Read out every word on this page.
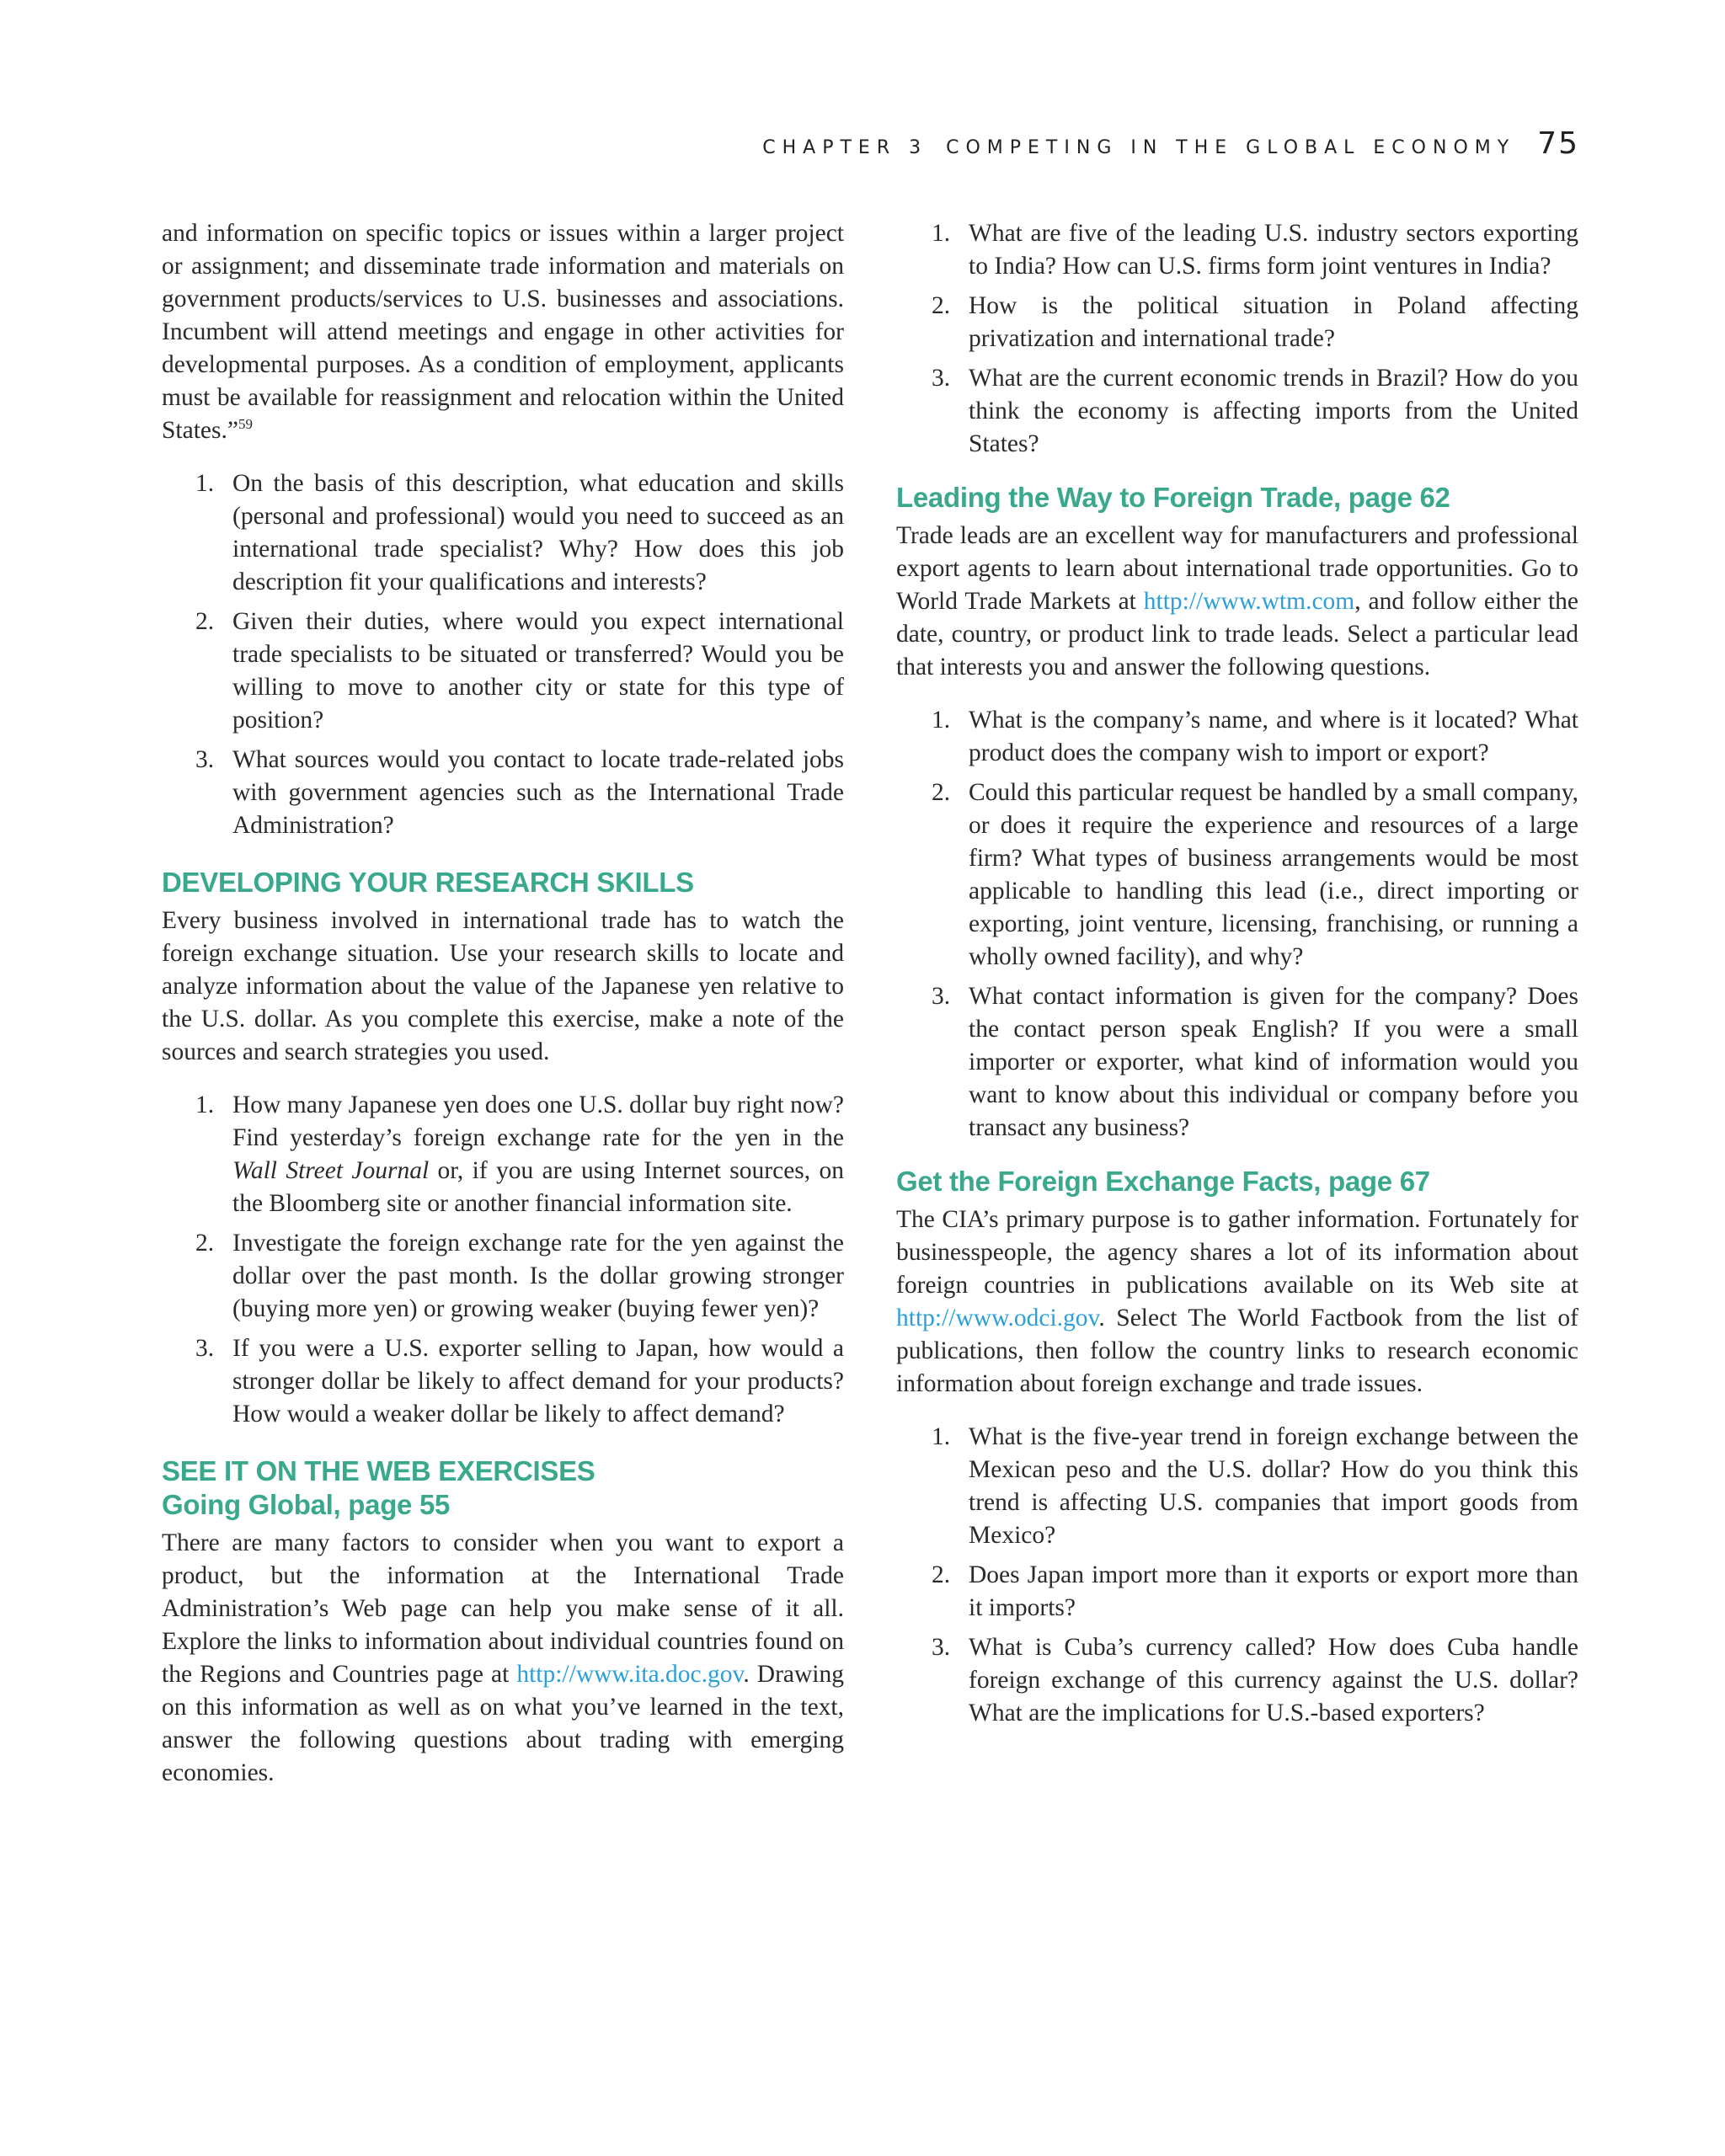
CHAPTER 3 COMPETING IN THE GLOBAL ECONOMY 75

and information on specific topics or issues within a larger project or assignment; and disseminate trade information and materials on government products/services to U.S. businesses and associations. Incumbent will attend meetings and engage in other activities for developmental purposes. As a condition of employment, applicants must be available for reassignment and relocation within the United States.”$^{59}$

1. On the basis of this description, what education and skills (personal and professional) would you need to succeed as an international trade specialist? Why? How does this job description fit your qualifications and interests?
2. Given their duties, where would you expect international trade specialists to be situated or transferred? Would you be willing to move to another city or state for this type of position?
3. What sources would you contact to locate trade-related jobs with government agencies such as the International Trade Administration?
DEVELOPING YOUR RESEARCH SKILLS

Every business involved in international trade has to watch the foreign exchange situation. Use your research skills to locate and analyze information about the value of the Japanese yen relative to the U.S. dollar. As you complete this exercise, make a note of the sources and search strategies you used.

1. How many Japanese yen does one U.S. dollar buy right now? Find yesterday’s foreign exchange rate for the yen in the Wall Street Journal or, if you are using Internet sources, on the Bloomberg site or another financial information site.
2. Investigate the foreign exchange rate for the yen against the dollar over the past month. Is the dollar growing stronger (buying more yen) or growing weaker (buying fewer yen)?
3. If you were a U.S. exporter selling to Japan, how would a stronger dollar be likely to affect demand for your products? How would a weaker dollar be likely to affect demand?
SEE IT ON THE WEB EXERCISES
Going Global, page 55

There are many factors to consider when you want to export a product, but the information at the International Trade Administration’s Web page can help you make sense of it all. Explore the links to information about individual countries found on the Regions and Countries page at http://www.ita.doc.gov. Drawing on this information as well as on what you’ve learned in the text, answer the following questions about trading with emerging economies.

1. What are five of the leading U.S. industry sectors exporting to India? How can U.S. firms form joint ventures in India?
2. How is the political situation in Poland affecting privatization and international trade?
3. What are the current economic trends in Brazil? How do you think the economy is affecting imports from the United States?
Leading the Way to Foreign Trade, page 62

Trade leads are an excellent way for manufacturers and professional export agents to learn about international trade opportunities. Go to World Trade Markets at http://www.wtm.com, and follow either the date, country, or product link to trade leads. Select a particular lead that interests you and answer the following questions.

1. What is the company’s name, and where is it located? What product does the company wish to import or export?
2. Could this particular request be handled by a small company, or does it require the experience and resources of a large firm? What types of business arrangements would be most applicable to handling this lead (i.e., direct importing or exporting, joint venture, licensing, franchising, or running a wholly owned facility), and why?
3. What contact information is given for the company? Does the contact person speak English? If you were a small importer or exporter, what kind of information would you want to know about this individual or company before you transact any business?
Get the Foreign Exchange Facts, page 67

The CIA’s primary purpose is to gather information. Fortunately for businesspeople, the agency shares a lot of its information about foreign countries in publications available on its Web site at http://www.odci.gov. Select The World Factbook from the list of publications, then follow the country links to research economic information about foreign exchange and trade issues.

1. What is the five-year trend in foreign exchange between the Mexican peso and the U.S. dollar? How do you think this trend is affecting U.S. companies that import goods from Mexico?
2. Does Japan import more than it exports or export more than it imports?
3. What is Cuba’s currency called? How does Cuba handle foreign exchange of this currency against the U.S. dollar? What are the implications for U.S.-based exporters?
